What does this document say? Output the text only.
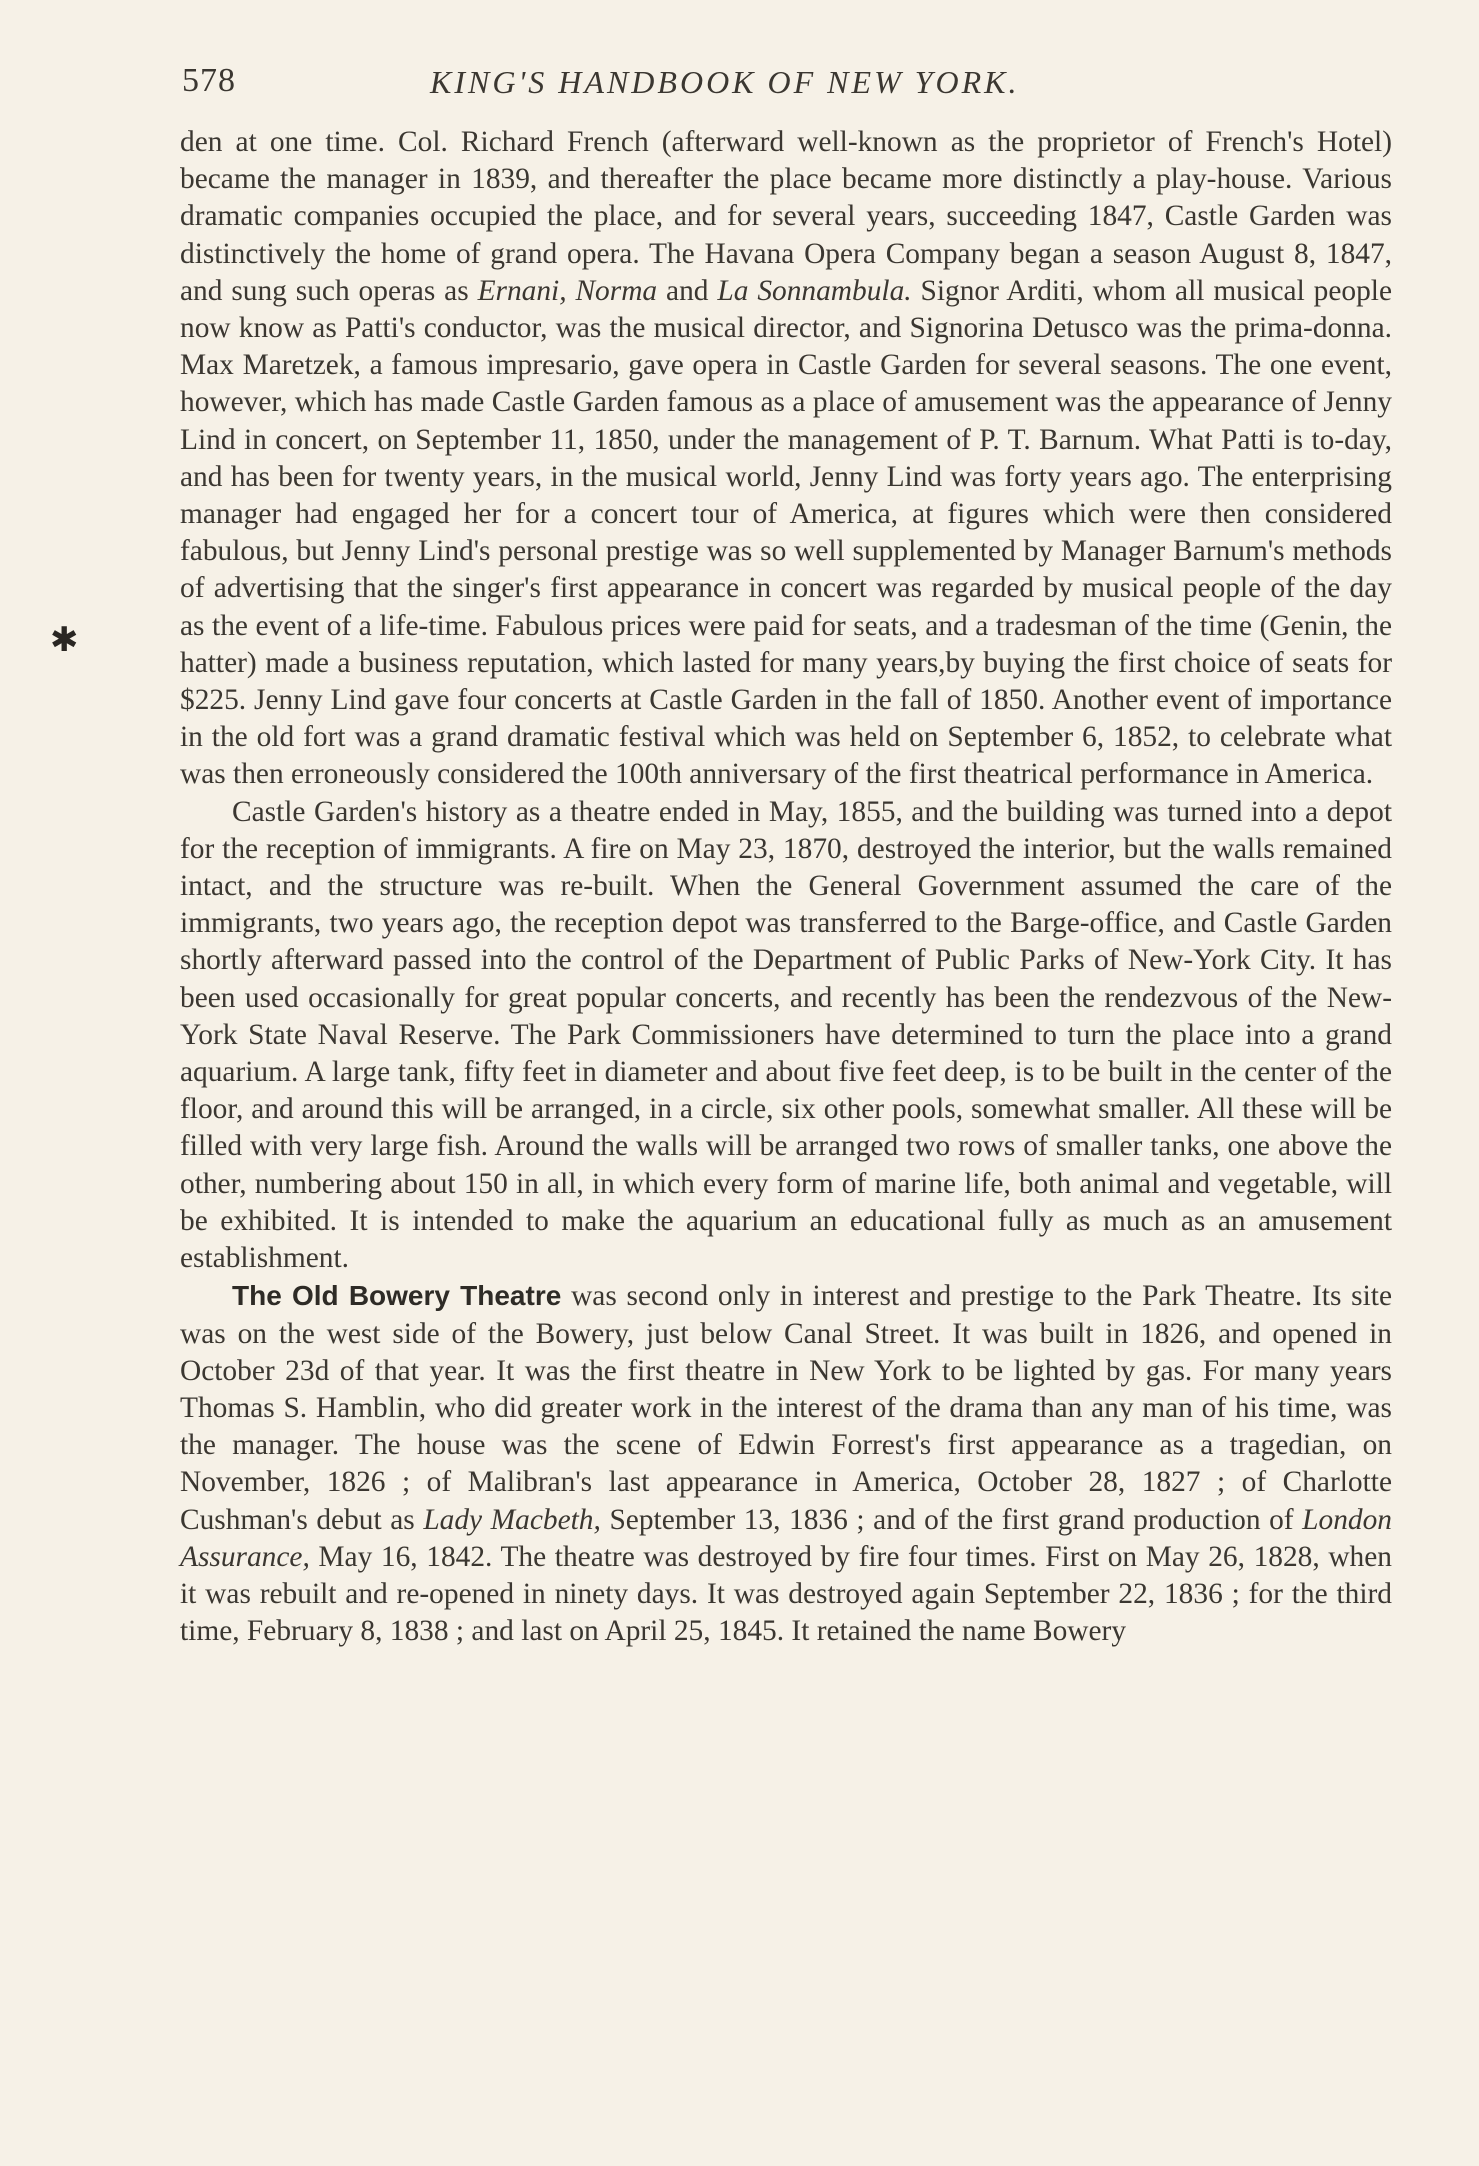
✱
578	KING'S HANDBOOK OF NEW YORK.

den at one time. Col. Richard French (afterward well-known as the proprietor of French's Hotel) became the manager in 1839, and thereafter the place became more distinctly a play-house. Various dramatic companies occupied the place, and for several years, succeeding 1847, Castle Garden was distinctively the home of grand opera. The Havana Opera Company began a season August 8, 1847, and sung such operas as Ernani, Norma and La Sonnambula. Signor Arditi, whom all musical people now know as Patti's conductor, was the musical director, and Signorina Detusco was the prima-donna. Max Maretzek, a famous impresario, gave opera in Castle Garden for several seasons. The one event, however, which has made Castle Garden famous as a place of amusement was the appearance of Jenny Lind in concert, on September 11, 1850, under the management of P. T. Barnum. What Patti is to-day, and has been for twenty years, in the musical world, Jenny Lind was forty years ago. The enterprising manager had engaged her for a concert tour of America, at figures which were then considered fabulous, but Jenny Lind's personal prestige was so well supplemented by Manager Barnum's methods of advertising that the singer's first appearance in concert was regarded by musical people of the day as the event of a life-time. Fabulous prices were paid for seats, and a tradesman of the time (Genin, the hatter) made a business reputation, which lasted for many years,by buying the first choice of seats for $225. Jenny Lind gave four concerts at Castle Garden in the fall of 1850. Another event of importance in the old fort was a grand dramatic festival which was held on September 6, 1852, to celebrate what was then erroneously considered the 100th anniversary of the first theatrical performance in America.

Castle Garden's history as a theatre ended in May, 1855, and the building was turned into a depot for the reception of immigrants. A fire on May 23, 1870, destroyed the interior, but the walls remained intact, and the structure was re-built. When the General Government assumed the care of the immigrants, two years ago, the reception depot was transferred to the Barge-office, and Castle Garden shortly afterward passed into the control of the Department of Public Parks of New-York City. It has been used occasionally for great popular concerts, and recently has been the rendezvous of the New-York State Naval Reserve. The Park Commissioners have determined to turn the place into a grand aquarium. A large tank, fifty feet in diameter and about five feet deep, is to be built in the center of the floor, and around this will be arranged, in a circle, six other pools, somewhat smaller. All these will be filled with very large fish. Around the walls will be arranged two rows of smaller tanks, one above the other, numbering about 150 in all, in which every form of marine life, both animal and vegetable, will be exhibited. It is intended to make the aquarium an educational fully as much as an amusement establishment.

The Old Bowery Theatre was second only in interest and prestige to the Park Theatre. Its site was on the west side of the Bowery, just below Canal Street. It was built in 1826, and opened in October 23d of that year. It was the first theatre in New York to be lighted by gas. For many years Thomas S. Hamblin, who did greater work in the interest of the drama than any man of his time, was the manager. The house was the scene of Edwin Forrest's first appearance as a tragedian, on November, 1826 ; of Malibran's last appearance in America, October 28, 1827 ; of Charlotte Cushman's debut as Lady Macbeth, September 13, 1836 ; and of the first grand production of London Assurance, May 16, 1842. The theatre was destroyed by fire four times. First on May 26, 1828, when it was rebuilt and re-opened in ninety days. It was destroyed again September 22, 1836 ; for the third time, February 8, 1838 ; and last on April 25, 1845. It retained the name Bowery
